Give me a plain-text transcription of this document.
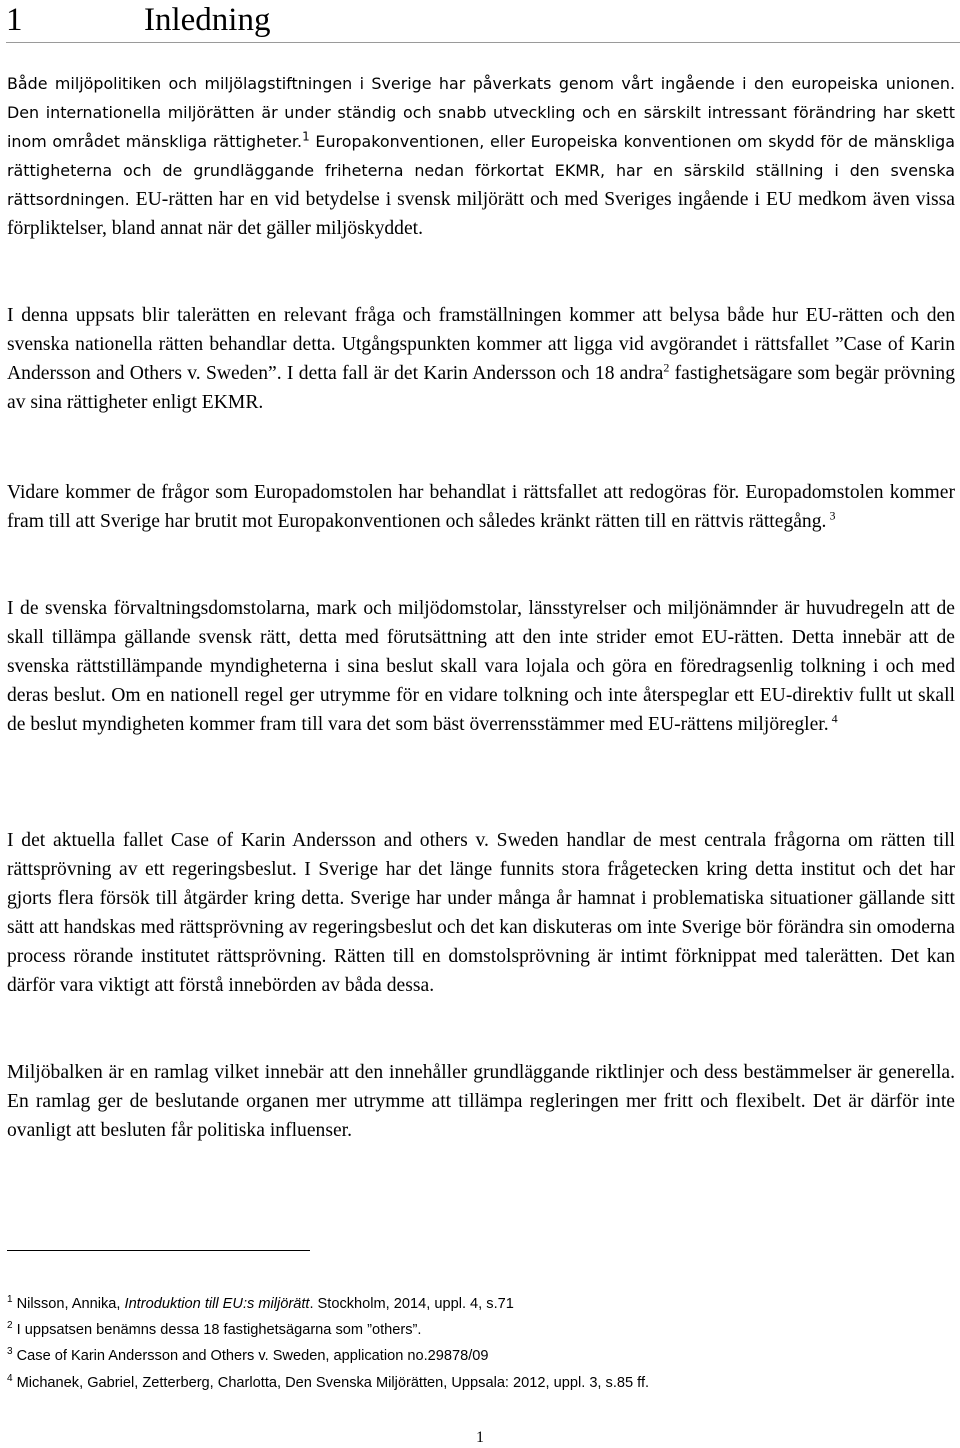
1	Inledning

Både miljöpolitiken och miljölagstiftningen i Sverige har påverkats genom vårt ingående i den europeiska unionen. Den internationella miljörätten är under ständig och snabb utveckling och en särskilt intressant förändring har skett inom området mänskliga rättigheter.$^1$ Europakonventionen, eller Europeiska konventionen om skydd för de mänskliga rättigheterna och de grundläggande friheterna nedan förkortat EKMR, har en särskild ställning i den svenska rättsordningen. EU-rätten har en vid betydelse i svensk miljörätt och med Sveriges ingående i EU medkom även vissa förpliktelser, bland annat när det gäller miljöskyddet.

I denna uppsats blir talerätten en relevant fråga och framställningen kommer att belysa både hur EU-rätten och den svenska nationella rätten behandlar detta. Utgångspunkten kommer att ligga vid avgörandet i rättsfallet ”Case of Karin Andersson and Others v. Sweden”. I detta fall är det Karin Andersson och 18 andra$^2$ fastighetsägare som begär prövning av sina rättigheter enligt EKMR.

Vidare kommer de frågor som Europadomstolen har behandlat i rättsfallet att redogöras för. Europadomstolen kommer fram till att Sverige har brutit mot Europakonventionen och således kränkt rätten till en rättvis rättegång. $^3$

I de svenska förvaltningsdomstolarna, mark och miljödomstolar, länsstyrelser och miljönämnder är huvudregeln att de skall tillämpa gällande svensk rätt, detta med förutsättning att den inte strider emot EU-rätten. Detta innebär att de svenska rättstillämpande myndigheterna i sina beslut skall vara lojala och göra en föredragsenlig tolkning i och med deras beslut. Om en nationell regel ger utrymme för en vidare tolkning och inte återspeglar ett EU-direktiv fullt ut skall de beslut myndigheten kommer fram till vara det som bäst överrensstämmer med EU-rättens miljöregler. $^4$

I det aktuella fallet Case of Karin Andersson and others v. Sweden handlar de mest centrala frågorna om rätten till rättsprövning av ett regeringsbeslut. I Sverige har det länge funnits stora frågetecken kring detta institut och det har gjorts flera försök till åtgärder kring detta. Sverige har under många år hamnat i problematiska situationer gällande sitt sätt att handskas med rättsprövning av regeringsbeslut och det kan diskuteras om inte Sverige bör förändra sin omoderna process rörande institutet rättsprövning. Rätten till en domstolsprövning är intimt förknippat med talerätten. Det kan därför vara viktigt att förstå innebörden av båda dessa.

Miljöbalken är en ramlag vilket innebär att den innehåller grundläggande riktlinjer och dess bestämmelser är generella. En ramlag ger de beslutande organen mer utrymme att tillämpa regleringen mer fritt och flexibelt. Det är därför inte ovanligt att besluten får politiska influenser.

$^1$ Nilsson, Annika, Introduktion till EU:s miljörätt. Stockholm, 2014, uppl. 4, s.71
$^2$ I uppsatsen benämns dessa 18 fastighetsägarna som ”others”.
$^3$ Case of Karin Andersson and Others v. Sweden, application no.29878/09
$^4$ Michanek, Gabriel, Zetterberg, Charlotta, Den Svenska Miljörätten, Uppsala: 2012, uppl. 3, s.85 ff.
1
